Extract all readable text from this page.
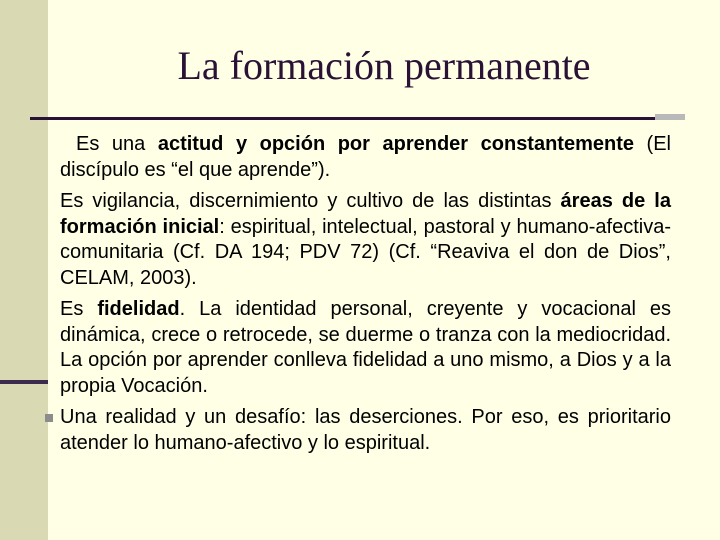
La formación permanente

Es una actitud y opción por aprender constantemente (El discípulo es “el que aprende”).

Es vigilancia, discernimiento y cultivo de las distintas áreas de la formación inicial: espiritual, intelectual, pastoral y humano-afectiva-comunitaria (Cf. DA 194; PDV 72) (Cf. “Reaviva el don de Dios”, CELAM, 2003).

Es fidelidad. La identidad personal, creyente y vocacional es dinámica, crece o retrocede, se duerme o tranza con la mediocridad. La opción por aprender conlleva fidelidad a uno mismo, a Dios y a la propia Vocación.

Una realidad y un desafío: las deserciones. Por eso, es prioritario atender lo humano-afectivo y lo espiritual.
